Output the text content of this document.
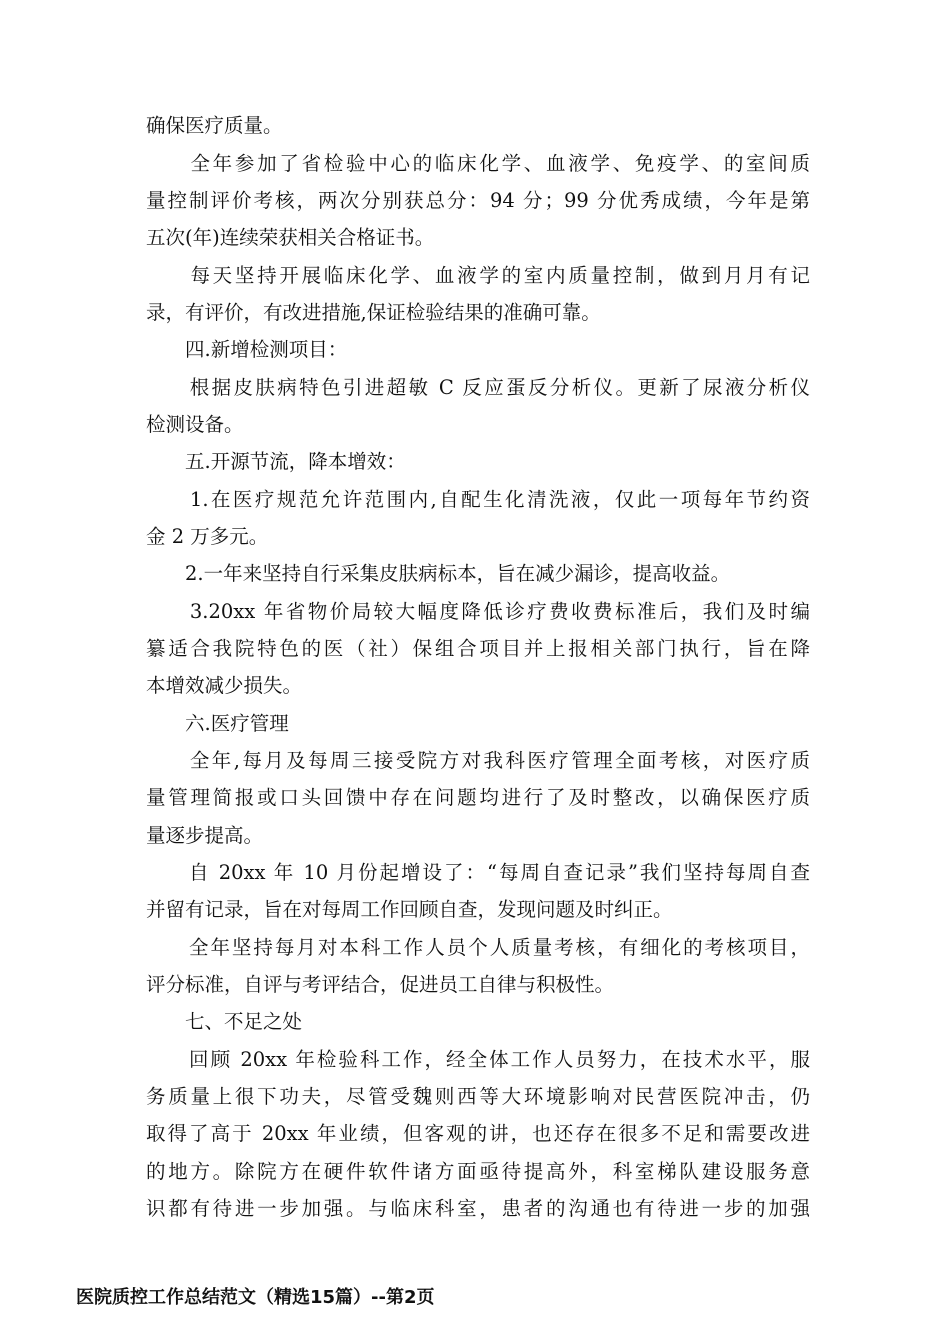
确保医疗质量。
　　全年参加了省检验中心的临床化学、血液学、免疫学、的室间质
量控制评价考核，两次分别获总分：94 分；99 分优秀成绩，今年是第
五次(年)连续荣获相关合格证书。
　　每天坚持开展临床化学、血液学的室内质量控制，做到月月有记
录，有评价，有改进措施,保证检验结果的准确可靠。
　　四.新增检测项目：
　　根据皮肤病特色引进超敏 C 反应蛋反分析仪。更新了尿液分析仪
检测设备。
　　五.开源节流，降本增效：
　　1.在医疗规范允许范围内,自配生化清洗液，仅此一项每年节约资
金 2 万多元。
　　2.一年来坚持自行采集皮肤病标本，旨在减少漏诊，提高收益。
　　3.20xx 年省物价局较大幅度降低诊疗费收费标准后，我们及时编
纂适合我院特色的医（社）保组合项目并上报相关部门执行，旨在降
本增效减少损失。
　　六.医疗管理
　　全年,每月及每周三接受院方对我科医疗管理全面考核，对医疗质
量管理简报或口头回馈中存在问题均进行了及时整改，以确保医疗质
量逐步提高。
　　自 20xx 年 10 月份起增设了：“每周自查记录”我们坚持每周自查
并留有记录，旨在对每周工作回顾自查，发现问题及时纠正。
　　全年坚持每月对本科工作人员个人质量考核，有细化的考核项目，
评分标准，自评与考评结合，促进员工自律与积极性。
　　七、不足之处
　　回顾 20xx 年检验科工作，经全体工作人员努力，在技术水平，服
务质量上很下功夫，尽管受魏则西等大环境影响对民营医院冲击，仍
取得了高于 20xx 年业绩，但客观的讲，也还存在很多不足和需要改进
的地方。除院方在硬件软件诸方面亟待提高外，科室梯队建设服务意
识都有待进一步加强。与临床科室，患者的沟通也有待进一步的加强
医院质控工作总结范文（精选15篇）--第2页
